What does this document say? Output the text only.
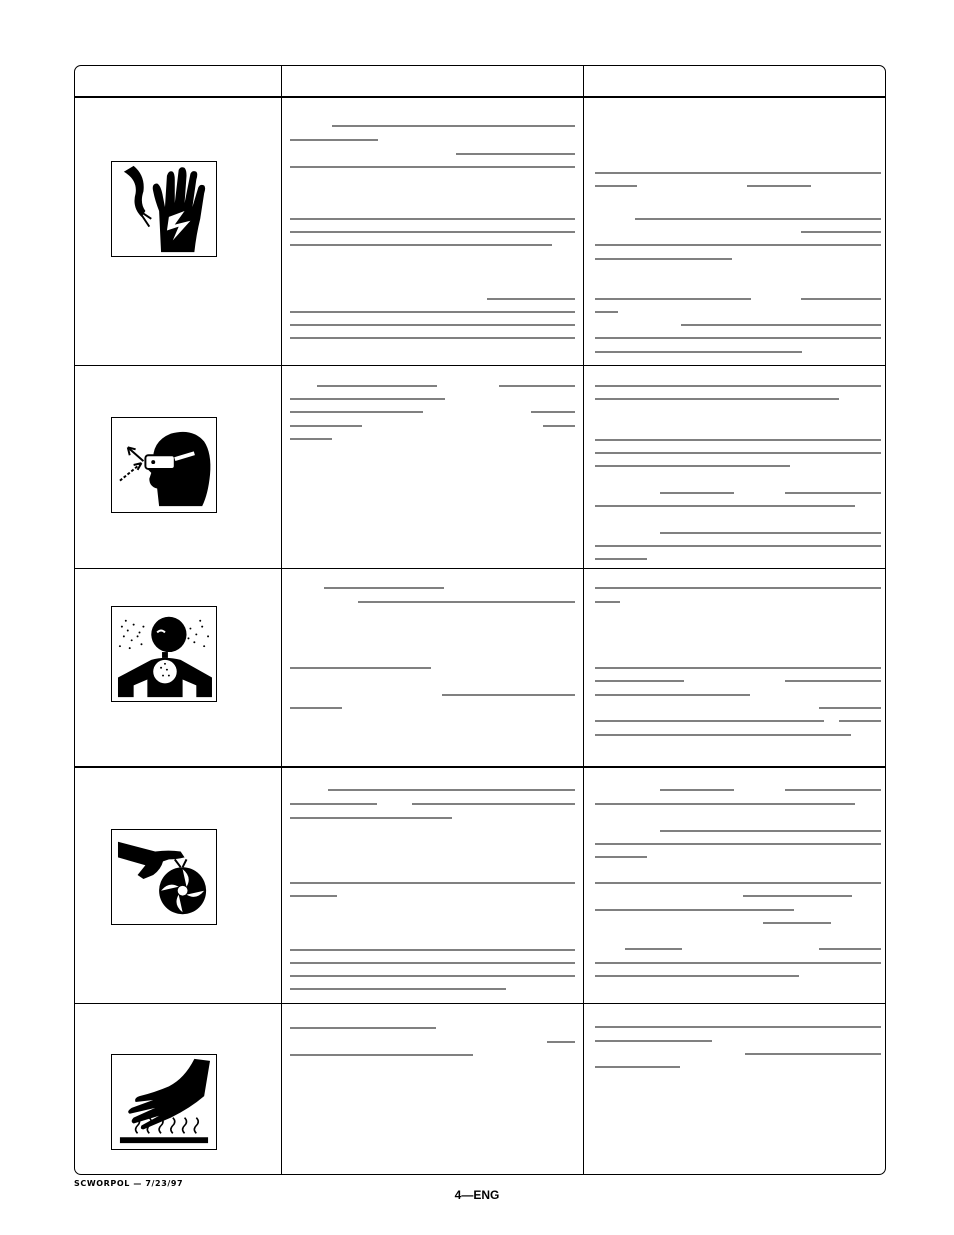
SCWORPOL — 7/23/97
4—ENG
